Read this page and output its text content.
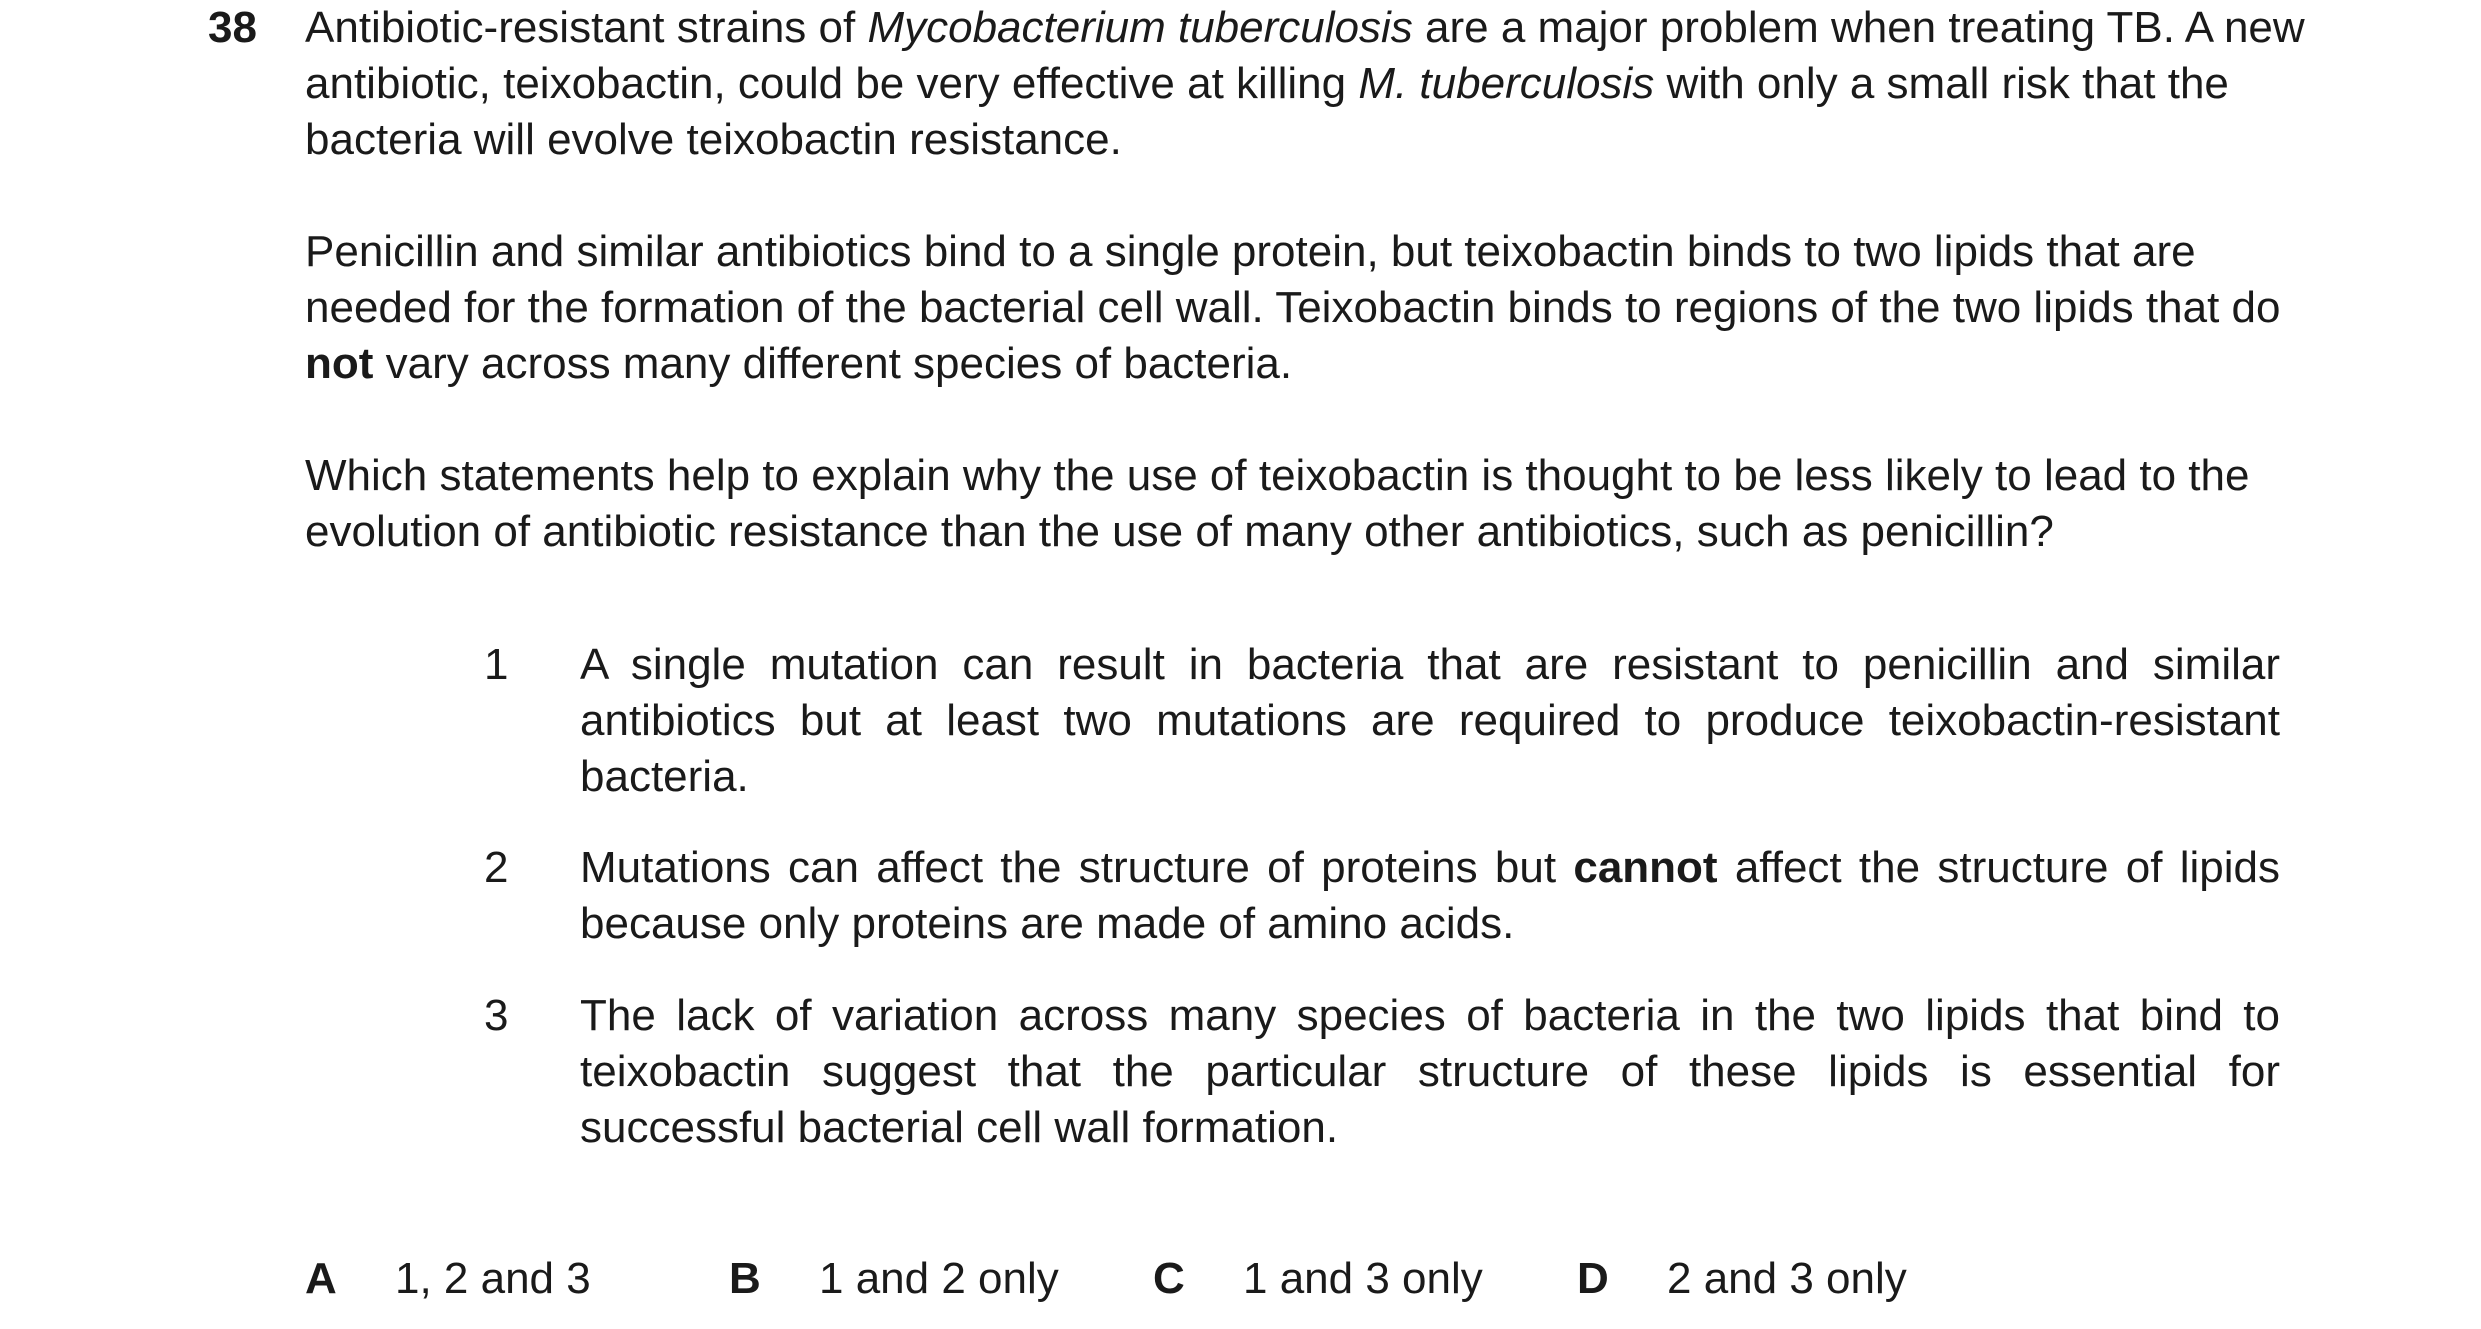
38 Antibiotic-resistant strains of Mycobacterium tuberculosis are a major problem when treating TB. A new antibiotic, teixobactin, could be very effective at killing M. tuberculosis with only a small risk that the bacteria will evolve teixobactin resistance.

Penicillin and similar antibiotics bind to a single protein, but teixobactin binds to two lipids that are needed for the formation of the bacterial cell wall. Teixobactin binds to regions of the two lipids that do not vary across many different species of bacteria.

Which statements help to explain why the use of teixobactin is thought to be less likely to lead to the evolution of antibiotic resistance than the use of many other antibiotics, such as penicillin?

1 A single mutation can result in bacteria that are resistant to penicillin and similar antibiotics but at least two mutations are required to produce teixobactin-resistant bacteria.

2 Mutations can affect the structure of proteins but cannot affect the structure of lipids because only proteins are made of amino acids.

3 The lack of variation across many species of bacteria in the two lipids that bind to teixobactin suggest that the particular structure of these lipids is essential for successful bacterial cell wall formation.

A 1, 2 and 3	B 1 and 2 only C 1 and 3 only D 2 and 3 only
